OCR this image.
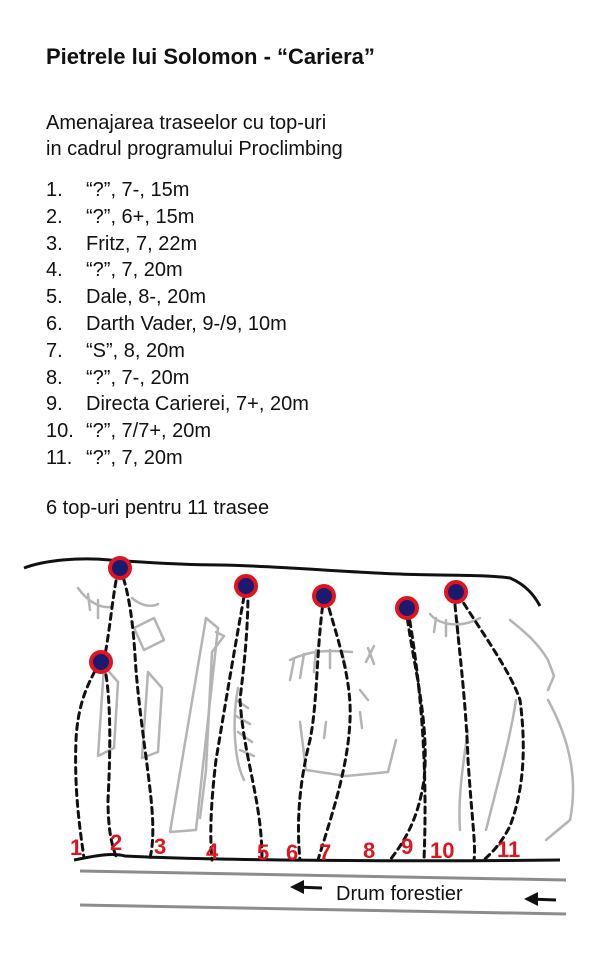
Pietrele lui Solomon - “Cariera”
Amenajarea traseelor cu top-uri
in cadrul programului Proclimbing
1.	“?”, 7-, 15m
2.	“?”, 6+, 15m
3.	Fritz, 7, 22m
4.	“?”, 7, 20m
5.	Dale, 8-, 20m
6.	Darth Vader, 9-/9, 10m
7.	“S”, 8, 20m
8.	“?”, 7-, 20m
9.	Directa Carierei, 7+, 20m
10. “?”, 7/7+, 20m
11. “?”, 7, 20m
6 top-uri pentru 11 trasee
1 2 3 4 5 6 7 8 9 10 11
Drum forestier
